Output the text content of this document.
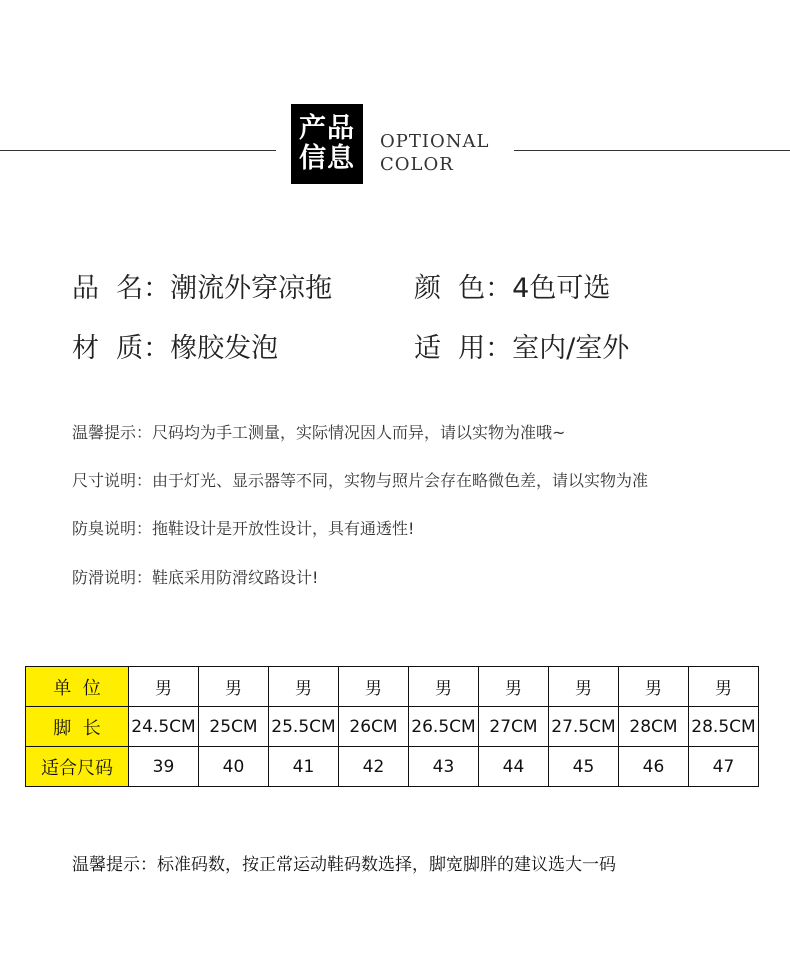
产品
信息
OPTIONAL
COLOR
品  名：潮流外穿凉拖	颜  色：4色可选
材  质：橡胶发泡	适  用：室内/室外
温馨提示：尺码均为手工测量，实际情况因人而异，请以实物为准哦~
尺寸说明：由于灯光、显示器等不同，实物与照片会存在略微色差，请以实物为准
防臭说明：拖鞋设计是开放性设计，具有通透性!
防滑说明：鞋底采用防滑纹路设计!
单  位	男	男	男	男	男	男	男	男	男
脚  长	24.5CM	25CM	25.5CM	26CM	26.5CM	27CM	27.5CM	28CM	28.5CM
适合尺码	39	40	41	42	43	44	45	46	47
温馨提示：标准码数，按正常运动鞋码数选择，脚宽脚胖的建议选大一码
